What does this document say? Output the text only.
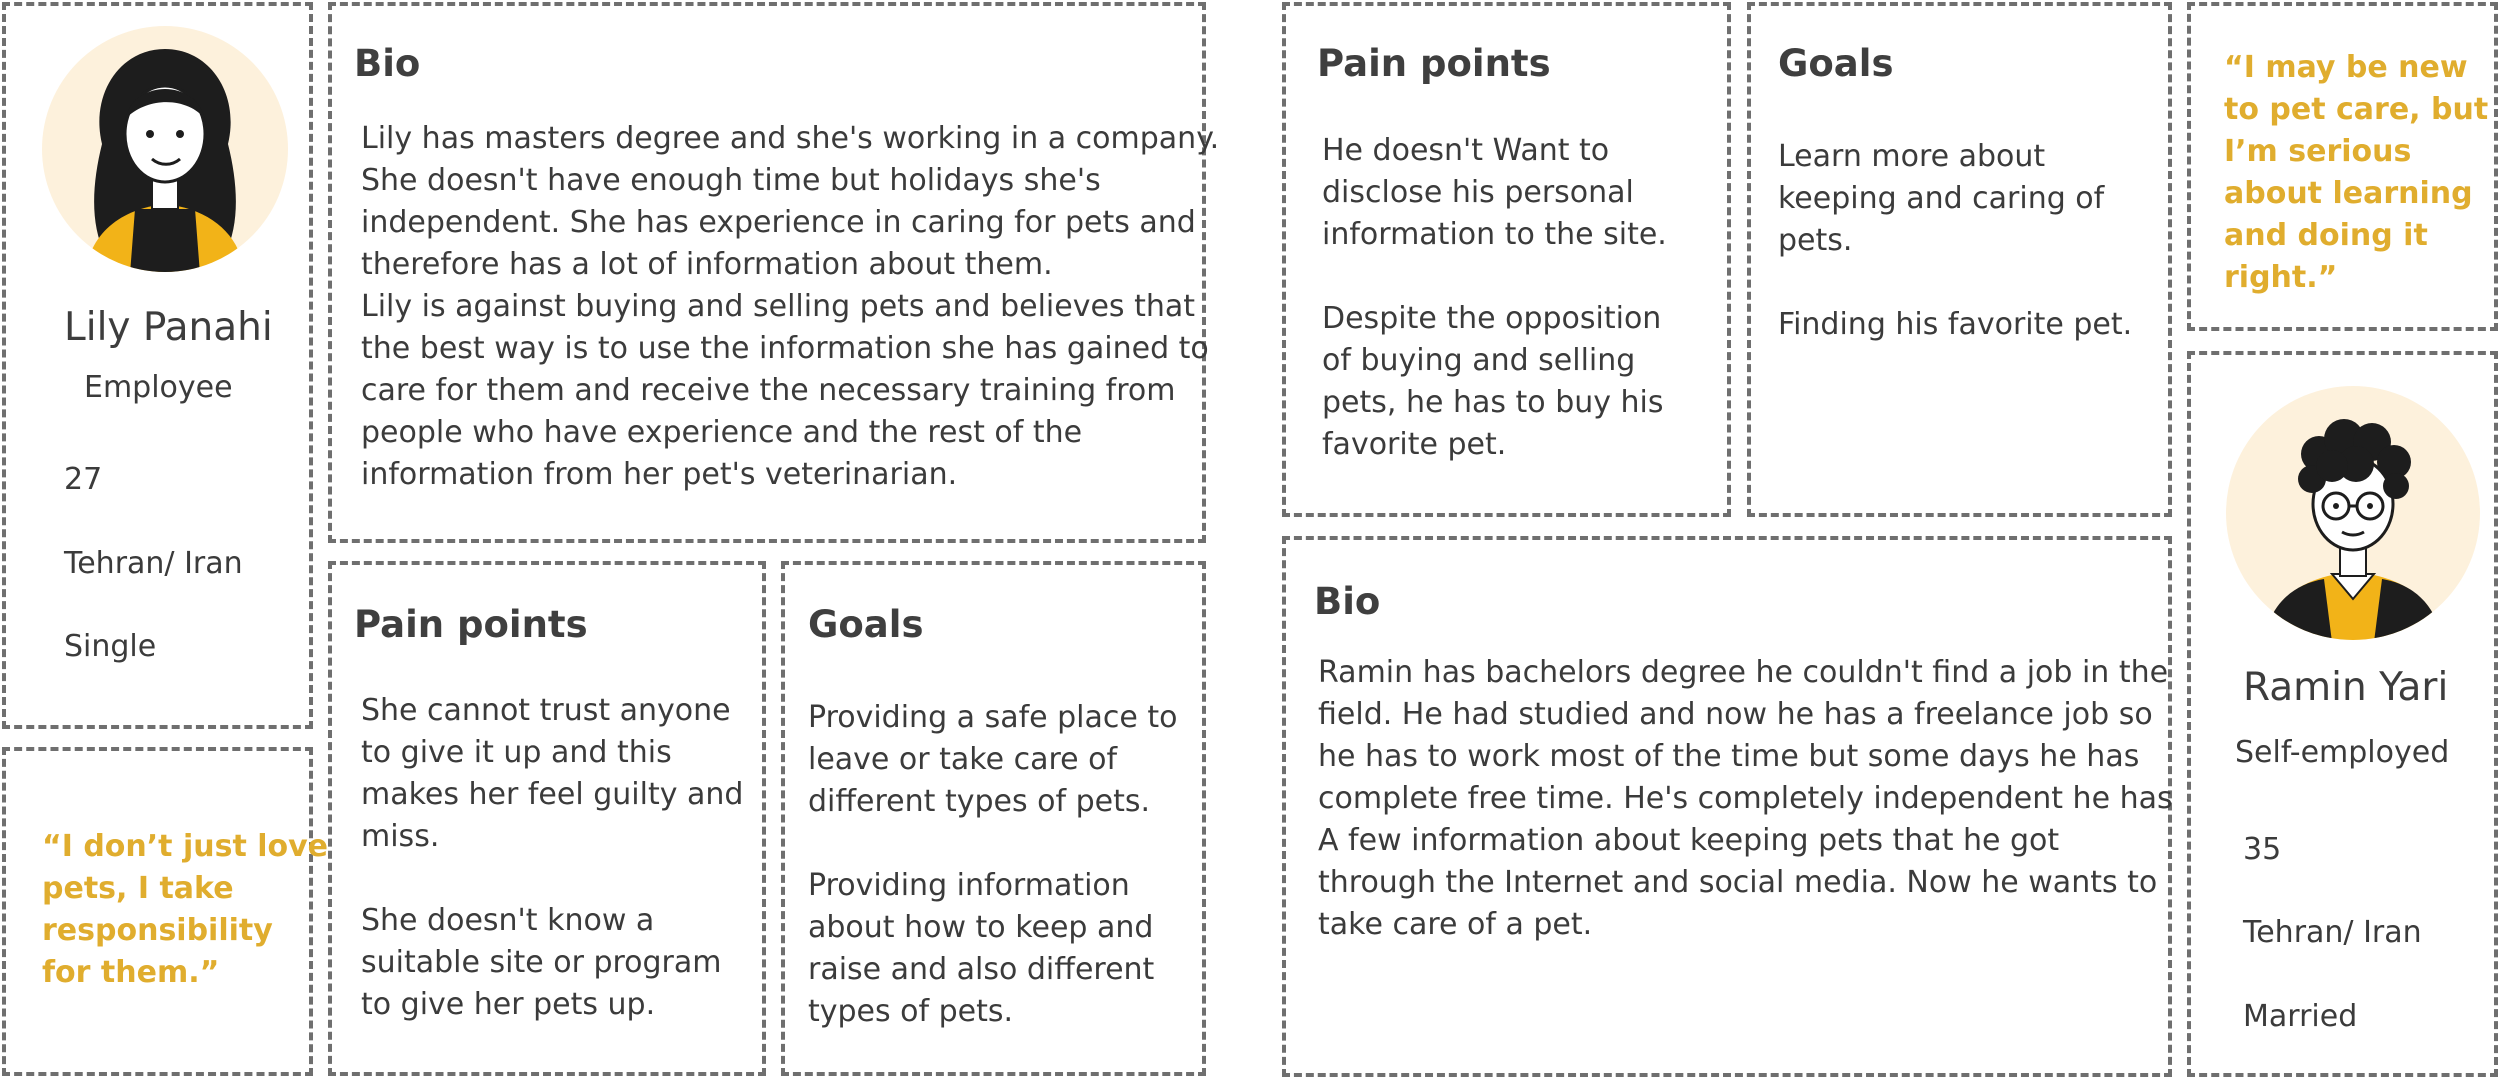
Lily Panahi
Employee
27
Tehran/ Iran
Single
“I don’t just love
pets, I take
responsibility
for them.”
Bio
Lily has masters degree and she's working in a company.
She doesn't have enough time but holidays she's
independent. She has experience in caring for pets and
therefore has a lot of information about them.
Lily is against buying and selling pets and believes that
the best way is to use the information she has gained to
care for them and receive the necessary training from
people who have experience and the rest of the
information from her pet's veterinarian.
Pain points
She cannot trust anyone
to give it up and this
makes her feel guilty and
miss.
She doesn't know a
suitable site or program
to give her pets up.
Goals
Providing a safe place to
leave or take care of
different types of pets.
Providing information
about how to keep and
raise and also different
types of pets.
Pain points
He doesn't Want to
disclose his personal
information to the site.
Despite the opposition
of buying and selling
pets, he has to buy his
favorite pet.
Goals
Learn more about
keeping and caring of
pets.
Finding his favorite pet.
“I may be new
to pet care, but
I’m serious
about learning
and doing it
right.”
Bio
Ramin has bachelors degree he couldn't find a job in the
field. He had studied and now he has a freelance job so
he has to work most of the time but some days he has
complete free time. He's completely independent he has
A few information about keeping pets that he got
through the Internet and social media. Now he wants to
take care of a pet.
Ramin Yari
Self-employed
35
Tehran/ Iran
Married
